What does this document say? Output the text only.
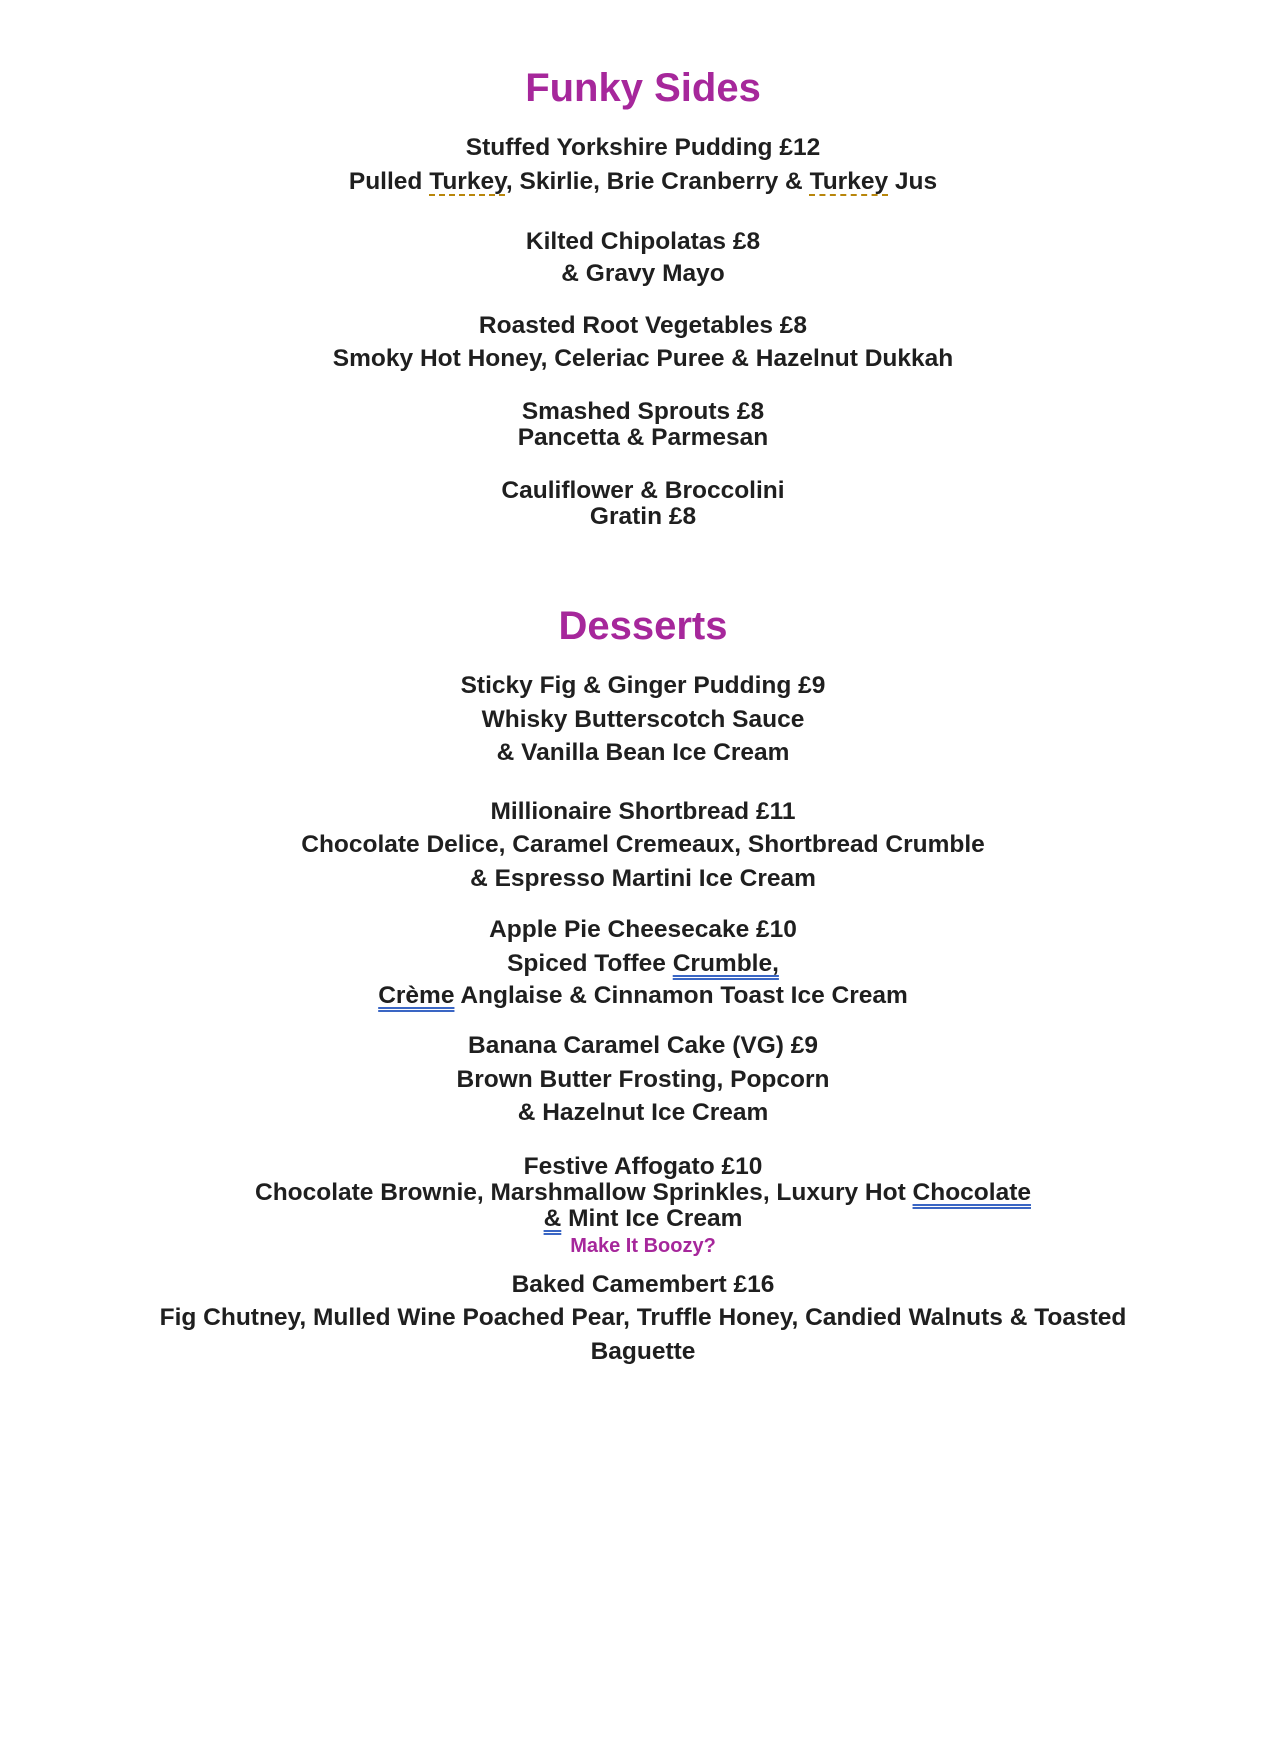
Funky Sides

Stuffed Yorkshire Pudding £12

Pulled Turkey, Skirlie, Brie Cranberry & Turkey Jus

Kilted Chipolatas £8

& Gravy Mayo

Roasted Root Vegetables £8

Smoky Hot Honey, Celeriac Puree & Hazelnut Dukkah

Smashed Sprouts £8

Pancetta & Parmesan

Cauliflower & Broccolini

Gratin £8

Desserts

Sticky Fig & Ginger Pudding £9

Whisky Butterscotch Sauce

& Vanilla Bean Ice Cream

Millionaire Shortbread £11

Chocolate Delice, Caramel Cremeaux, Shortbread Crumble

& Espresso Martini Ice Cream

Apple Pie Cheesecake £10

Spiced Toffee Crumble,

Crème Anglaise & Cinnamon Toast Ice Cream

Banana Caramel Cake (VG) £9

Brown Butter Frosting, Popcorn

& Hazelnut Ice Cream

Festive Affogato £10

Chocolate Brownie, Marshmallow Sprinkles, Luxury Hot Chocolate

& Mint Ice Cream

Make It Boozy?

Baked Camembert £16

Fig Chutney, Mulled Wine Poached Pear, Truffle Honey, Candied Walnuts & Toasted

Baguette
